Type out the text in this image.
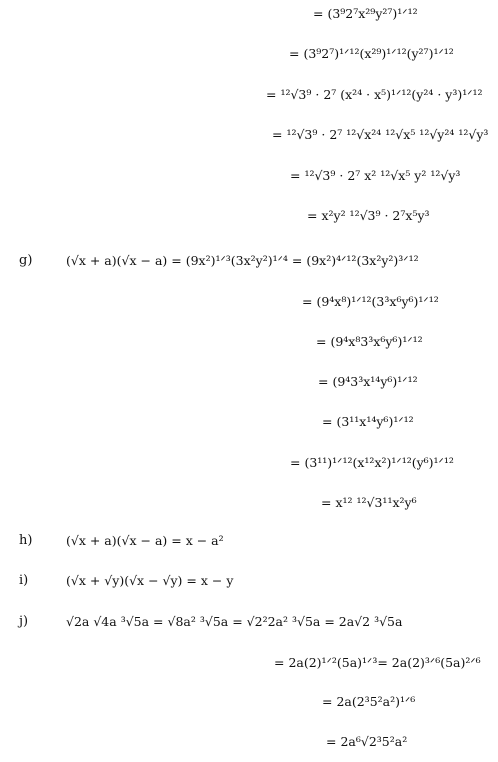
= (3⁹2⁷x²⁹y²⁷)¹ᐟ¹²
= (3⁹2⁷)¹ᐟ¹²(x²⁹)¹ᐟ¹²(y²⁷)¹ᐟ¹²
= ¹²√3⁹ · 2⁷ (x²⁴ · x⁵)¹ᐟ¹²(y²⁴ · y³)¹ᐟ¹²
= ¹²√3⁹ · 2⁷ ¹²√x²⁴ ¹²√x⁵ ¹²√y²⁴ ¹²√y³
= ¹²√3⁹ · 2⁷ x² ¹²√x⁵ y² ¹²√y³
= x²y² ¹²√3⁹ · 2⁷x⁵y³
g)	(√x + a)(√x − a) = (9x²)¹ᐟ³(3x²y²)¹ᐟ⁴ = (9x²)⁴ᐟ¹²(3x²y²)³ᐟ¹²
= (9⁴x⁸)¹ᐟ¹²(3³x⁶y⁶)¹ᐟ¹²
= (9⁴x⁸3³x⁶y⁶)¹ᐟ¹²
= (9⁴3³x¹⁴y⁶)¹ᐟ¹²
= (3¹¹x¹⁴y⁶)¹ᐟ¹²
= (3¹¹)¹ᐟ¹²(x¹²x²)¹ᐟ¹²(y⁶)¹ᐟ¹²
= x¹² ¹²√3¹¹x²y⁶
h)	(√x + a)(√x − a) = x − a²
i)	(√x + √y)(√x − √y) = x − y
j)	√2a √4a ³√5a = √8a² ³√5a = √2²2a² ³√5a = 2a√2 ³√5a
= 2a(2)¹ᐟ²(5a)¹ᐟ³= 2a(2)³ᐟ⁶(5a)²ᐟ⁶
= 2a(2³5²a²)¹ᐟ⁶
= 2a⁶√2³5²a²
